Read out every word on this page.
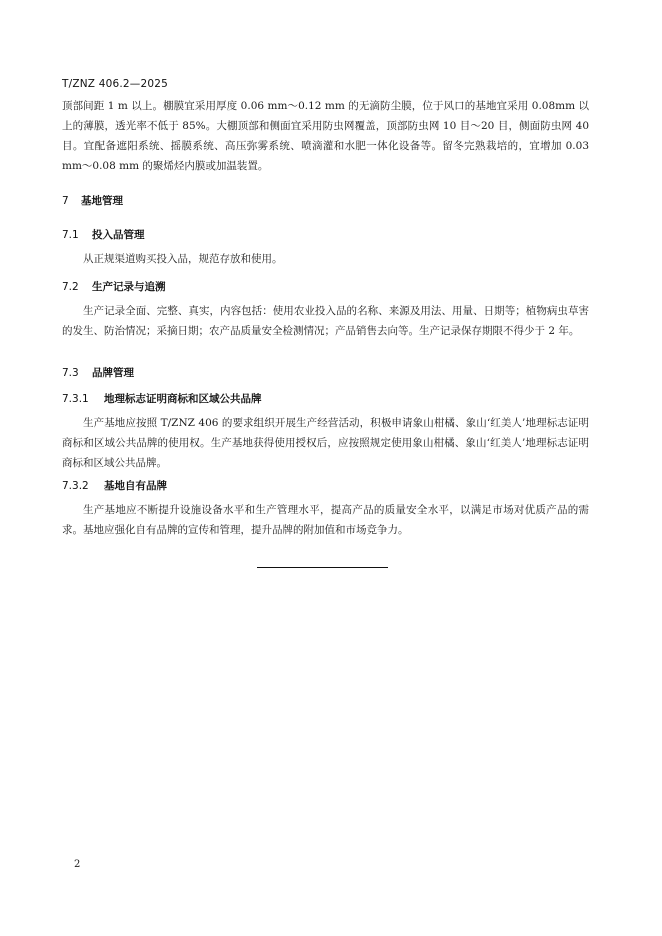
T/ZNZ 406.2—2025

顶部间距 1 m 以上。棚膜宜采用厚度 0.06 mm～0.12 mm 的无滴防尘膜，位于风口的基地宜采用 0.08mm 以上的薄膜，透光率不低于 85%。大棚顶部和侧面宜采用防虫网覆盖，顶部防虫网 10 目～20 目，侧面防虫网 40 目。宜配备遮阳系统、摇膜系统、高压弥雾系统、喷滴灌和水肥一体化设备等。留冬完熟栽培的，宜增加 0.03 mm～0.08 mm 的聚烯烃内膜或加温装置。

7 基地管理
7.1 投入品管理

从正规渠道购买投入品，规范存放和使用。

7.2 生产记录与追溯

生产记录全面、完整、真实，内容包括：使用农业投入品的名称、来源及用法、用量、日期等；植物病虫草害的发生、防治情况；采摘日期；农产品质量安全检测情况；产品销售去向等。生产记录保存期限不得少于 2 年。

7.3 品牌管理
7.3.1 地理标志证明商标和区域公共品牌

生产基地应按照 T/ZNZ 406 的要求组织开展生产经营活动，积极申请象山柑橘、象山‘红美人’地理标志证明商标和区域公共品牌的使用权。生产基地获得使用授权后，应按照规定使用象山柑橘、象山‘红美人’地理标志证明商标和区域公共品牌。

7.3.2 基地自有品牌

生产基地应不断提升设施设备水平和生产管理水平，提高产品的质量安全水平，以满足市场对优质产品的需求。基地应强化自有品牌的宣传和管理，提升品牌的附加值和市场竞争力。

2
